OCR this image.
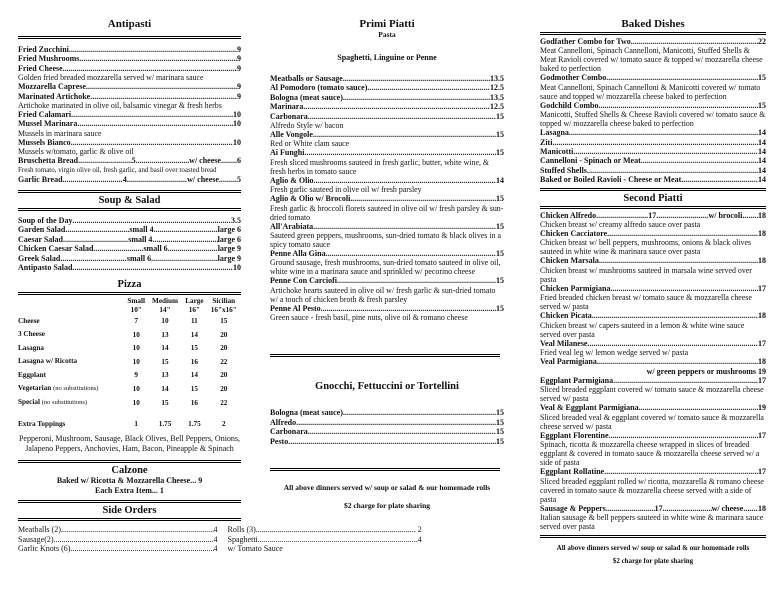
Antipasti

Fried Zucchini .....	9
Fried Mushrooms .....	9
Fried Cheese .....	9

Golden fried breaded mozzarella served w/ marinara sauce

Mozzarella Caprese .....	9
Marinated Artichoke .....	9

Artichoke marinated in olive oil, balsamic vinegar & fresh herbs

Fried Calamari .....	10
Mussel Marinara .....	10

Mussels in marinara sauce

Mussels Bianco .....	10

Mussels w/tomato, garlic & olive oil

Bruschetta Bread .....	5 .....	w/ cheese ..... 6

Fresh tomato, virgin olive oil, fresh garlic, and basil over toasted bread

Garlic Bread .....	4 .....	w/ cheese ..... 5

Soup & Salad

Soup of the Day .....	3.5
Garden Salad .....	small 4 .....	large 6
Caesar Salad .....	small 4 .....	large 6
Chicken Caesar Salad .....	small 6 .....	large 9
Greek Salad .....	small 6 .....	large 9
Antipasto Salad .....	10

Pizza

	Small	Medium	Large	Sicilian
	10"	14"	16"	16"x16"
Cheese	7	10	11	15
3 Cheese	10	13	14	20
Lasagna	10	14	15	20
Lasagna w/ Ricotta	10	15	16	22
Eggplant	9	13	14	20
Vegetarian (no substitutions)	10	14	15	20
Special (no substitutions)	10	15	16	22

Extra Toppings	1	1.75	1.75	2

Pepperoni, Mushroom, Sausage, Black Olives, Bell Peppers, Onions, Jalapeno Peppers, Anchovies, Ham, Bacon, Pineapple & Spinach

Calzone

Baked w/ Ricotta & Mozzarella Cheese... 9

Each Extra Item... 1

Side Orders

Meatballs (2) .....	4
Sausage(2) .....	4
Garlic Knots (6) .....	4
Rolls (3) .....	2
Spaghetti .....	4
w/ Tomato Sauce

Primi Piatti

Pasta

Spaghetti, Linguine or Penne

Meatballs or Sausage .....	13.5
Al Pomodoro (tomato sauce) .....	12.5
Bologna (meat sauce) .....	13.5
Marinara .....	12.5
Carbonara .....	15

Alfredo Style w/ bacon

Alle Vongole .....	15

Red or White clam sauce

Ai Funghi .....	15

Fresh sliced mushrooms sauteed in fresh garlic, butter, white wine, & fresh herbs in tomato sauce

Aglio & Olio .....	14

Fresh garlic sauteed in olive oil w/ fresh parsley

Aglio & Olio w/ Brocoli .....	15

Fresh garlic & broccoli florets sauteed in olive oil w/ fresh parsley & sun-dried tomato

All'Arabiata .....	15

Sauteed green peppers, mushrooms, sun-dried tomato & black olives in a spicy tomato sauce

Penne Alla Gina .....	15

Ground sausage, fresh mushrooms, sun-dried tomato sauteed in olive oil, white wine in a marinara sauce and sprinkled w/ pecorino cheese

Penne Con Carciofi .....	15

Artichoke hearts sauteed in olive oil w/ fresh garlic & sun-dried tomato w/ a touch of chicken broth & fresh parsley

Penne Al Pesto .....	15

Green sauce - fresh basil, pine nuts, olive oil & romano cheese

Gnocchi, Fettuccini or Tortellini

Bologna (meat sauce) .....	15
Alfredo .....	15
Carbonara .....	15
Pesto .....	15

All above dinners served w/ soup or salad & our homemade rolls

$2 charge for plate sharing

Baked Dishes

Godfather Combo for Two .....	22

Meat Cannelloni, Spinach Cannelloni, Manicotti, Stuffed Shells & Meat Ravioli covered w/ tomato sauce & topped w/ mozzarella cheese baked to perfection

Godmother Combo .....	15

Meat Cannelloni, Spinach Cannelloni & Manicotti covered w/ tomato sauce and topped w/ mozzarella cheese baked to perfection

Godchild Combo .....	15

Manicotti, Stuffed Shells & Cheese Ravioli covered w/ tomato sauce & topped w/ mozzarella cheese baked to perfection

Lasagna .....	14
Ziti .....	14
Manicotti .....	14
Cannelloni - Spinach or Meat .....	14
Stuffed Shells .....	14
Baked or Boiled Ravioli - Cheese or Meat .....	14

Second Piatti

Chicken Alfredo .....	17 .....	w/ brocoli ..... 18

Chicken breast w/ creamy alfredo sauce over pasta

Chicken Cacciatore .....	18

Chicken breast w/ bell peppers, mushrooms, onions & black olives sauteed in white wine & marinara sauce over pasta

Chicken Marsala .....	18

Chicken breast w/ mushrooms sauteed in marsala wine served over pasta

Chicken Parmigiana .....	17

Fried breaded chicken breast w/ tomato sauce & mozzarella cheese served w/ pasta

Chicken Picata .....	18

Chicken breast w/ capers sauteed in a lemon & white wine sauce served over pasta

Veal Milanese .....	17

Fried veal leg w/ lemon wedge served w/ pasta

Veal Parmigiana .....	18
w/ green peppers or mushrooms 19
Eggplant Parmigiana .....	17

Sliced breaded eggplant covered w/ tomato sauce & mozzarella cheese served w/ pasta

Veal & Eggplant Parmigiana .....	19

Sliced breaded veal & eggplant covered w/ tomato sauce & mozzarella cheese served w/ pasta

Eggplant Florentine .....	17

Spinach, ricotta & mozzarella cheese wrapped in slices of breaded eggplant & covered in tomato sauce & mozzarella cheese served w/ a side of pasta

Eggplant Rollatine .....	17

Sliced breaded eggplant rolled w/ ricotta, mozzarella & romano cheese covered in tomato sauce & mozzarella cheese served with a side of pasta

Sausage & Peppers .....	17 .....	w/ cheese ..... 18

Italian sausage & bell peppers sauteed in white wine & marinara sauce served over pasta

All above dinners served w/ soup or salad & our homemade rolls

$2 charge for plate sharing
